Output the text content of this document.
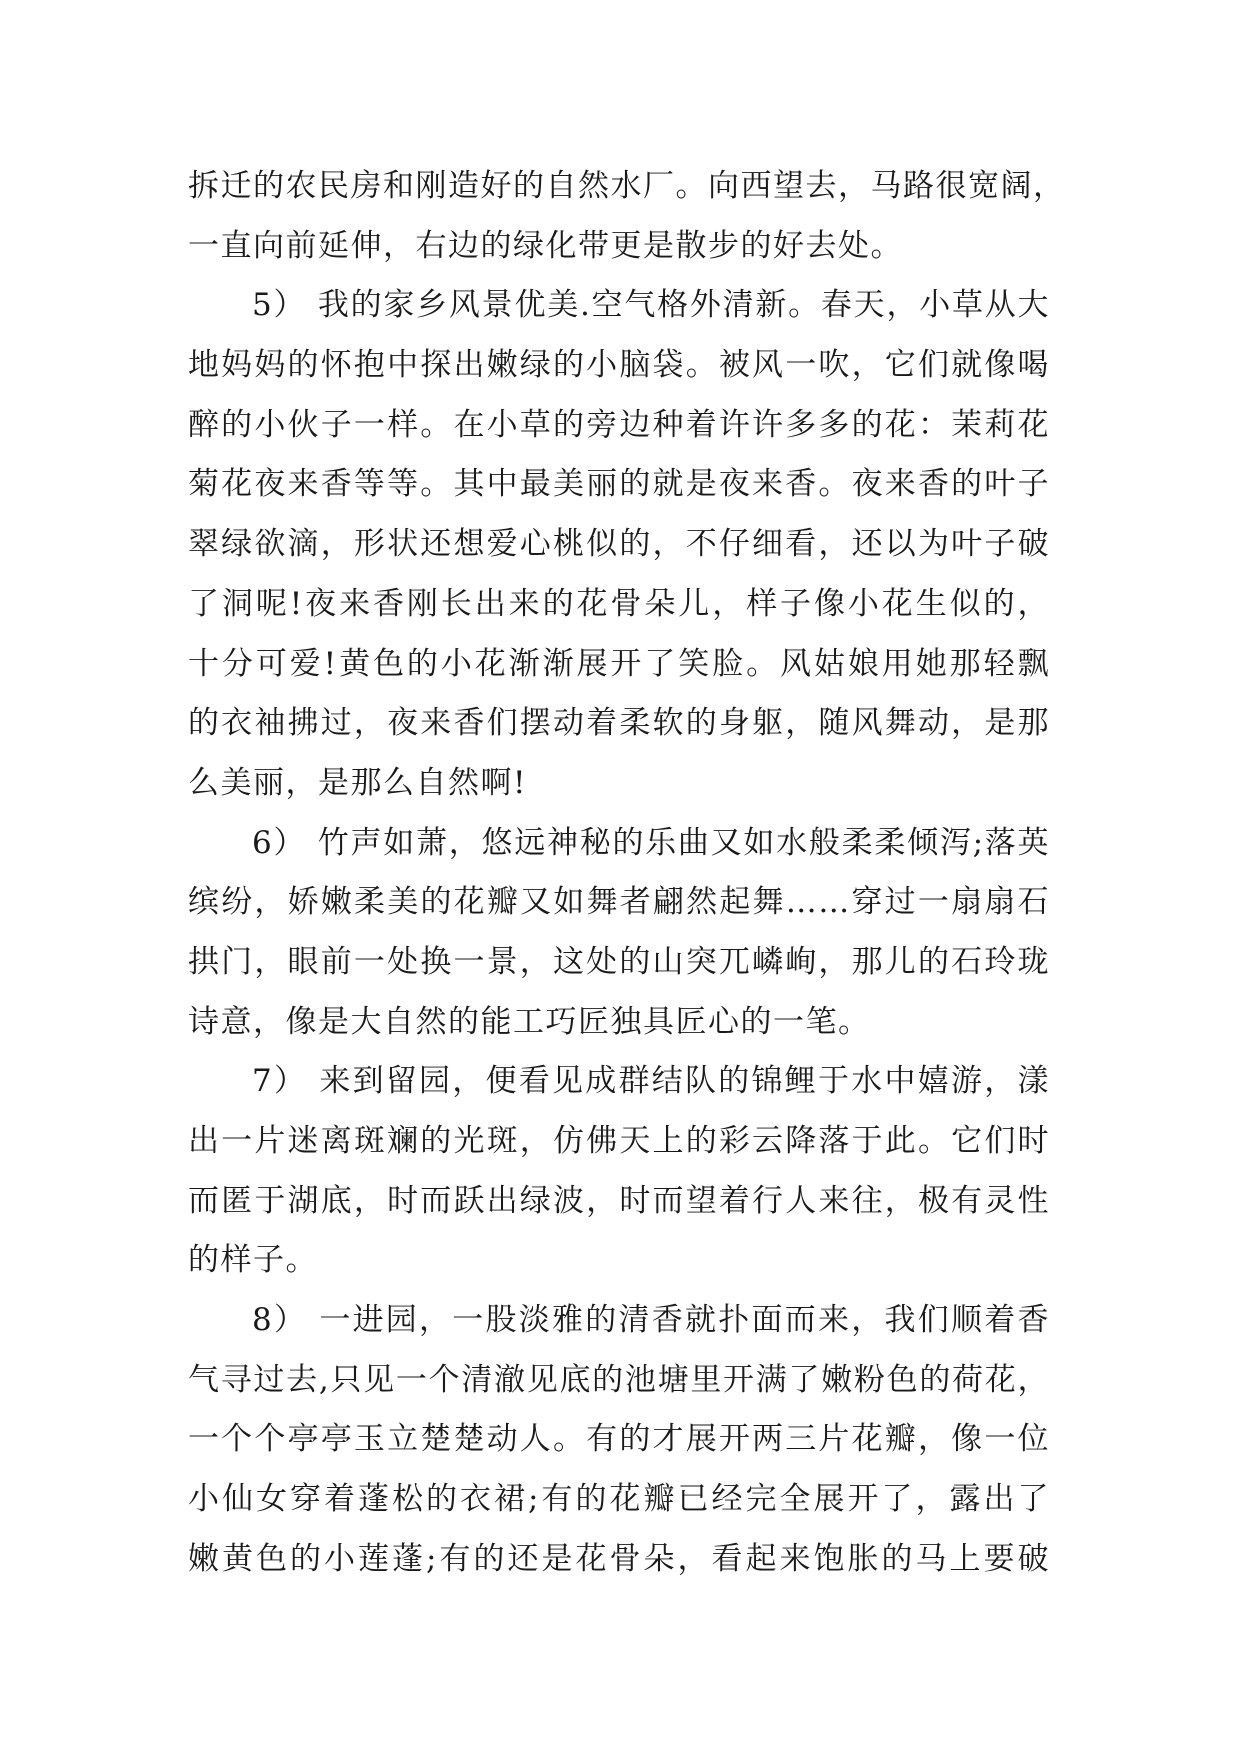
拆迁的农民房和刚造好的自然水厂。向西望去，马路很宽阔，
一直向前延伸，右边的绿化带更是散步的好去处。
5） 我的家乡风景优美.空气格外清新。春天，小草从大
地妈妈的怀抱中探出嫩绿的小脑袋。被风一吹，它们就像喝
醉的小伙子一样。在小草的旁边种着许许多多的花：茉莉花
菊花夜来香等等。其中最美丽的就是夜来香。夜来香的叶子
翠绿欲滴，形状还想爱心桃似的，不仔细看，还以为叶子破
了洞呢!夜来香刚长出来的花骨朵儿，样子像小花生似的，
十分可爱!黄色的小花渐渐展开了笑脸。风姑娘用她那轻飘
的衣袖拂过，夜来香们摆动着柔软的身躯，随风舞动，是那
么美丽，是那么自然啊!
6） 竹声如萧，悠远神秘的乐曲又如水般柔柔倾泻;落英
缤纷，娇嫩柔美的花瓣又如舞者翩然起舞……穿过一扇扇石
拱门，眼前一处换一景，这处的山突兀嶙峋，那儿的石玲珑
诗意，像是大自然的能工巧匠独具匠心的一笔。
7） 来到留园，便看见成群结队的锦鲤于水中嬉游，漾
出一片迷离斑斓的光斑，仿佛天上的彩云降落于此。它们时
而匿于湖底，时而跃出绿波，时而望着行人来往，极有灵性
的样子。
8） 一进园，一股淡雅的清香就扑面而来，我们顺着香
气寻过去,只见一个清澈见底的池塘里开满了嫩粉色的荷花，
一个个亭亭玉立楚楚动人。有的才展开两三片花瓣，像一位
小仙女穿着蓬松的衣裙;有的花瓣已经完全展开了，露出了
嫩黄色的小莲蓬;有的还是花骨朵，看起来饱胀的马上要破
